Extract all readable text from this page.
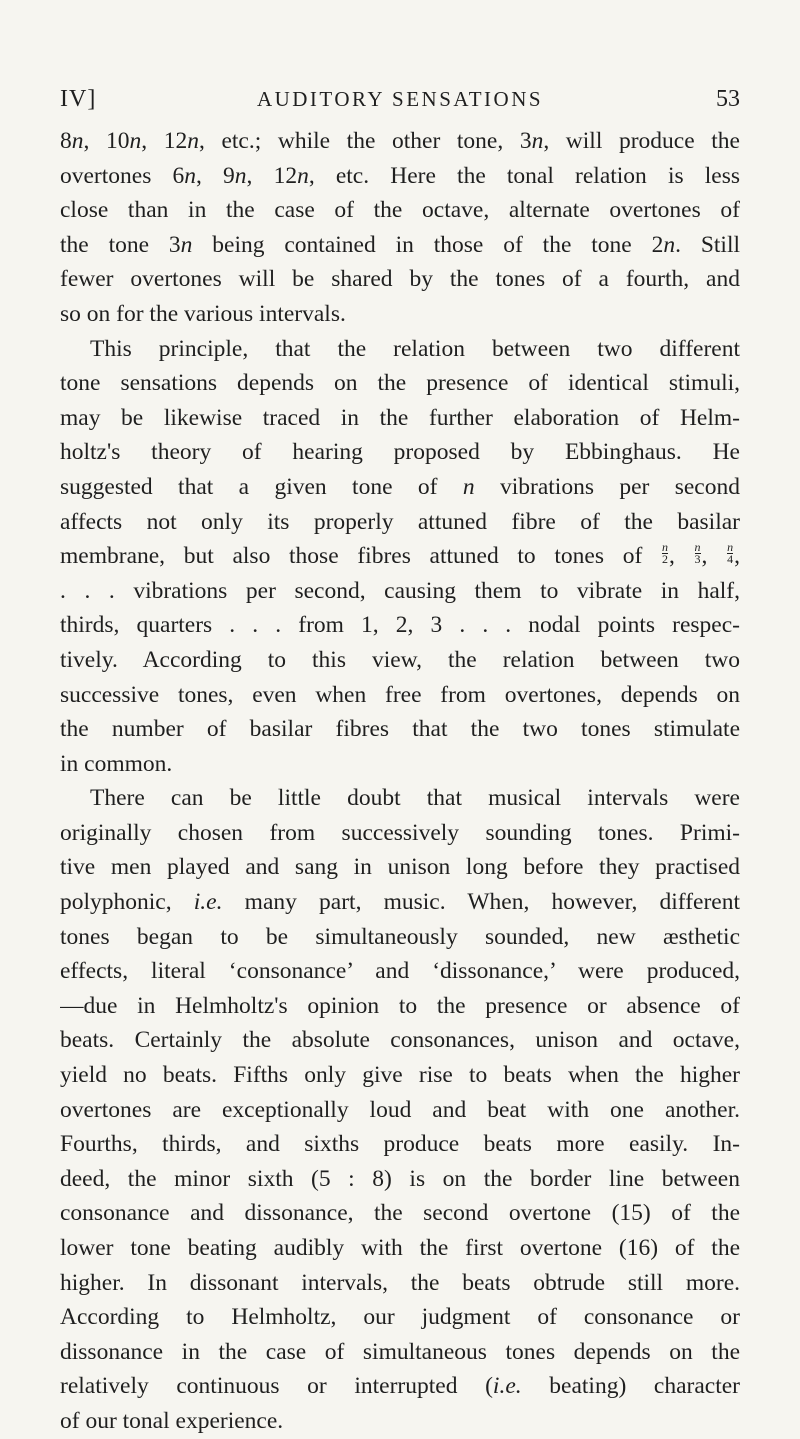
IV]	AUDITORY SENSATIONS	53
8n, 10n, 12n, etc.; while the other tone, 3n, will produce the
overtones 6n, 9n, 12n, etc. Here the tonal relation is less
close than in the case of the octave, alternate overtones of
the tone 3n being contained in those of the tone 2n. Still
fewer overtones will be shared by the tones of a fourth, and
so on for the various intervals.
This principle, that the relation between two different
tone sensations depends on the presence of identical stimuli,
may be likewise traced in the further elaboration of Helm-
holtz's theory of hearing proposed by Ebbinghaus. He
suggested that a given tone of n vibrations per second
affects not only its properly attuned fibre of the basilar
membrane, but also those fibres attuned to tones of $\frac{n}{2}$ , $\frac{n}{3}$ , $\frac{n}{4}$ ,
. . . vibrations per second, causing them to vibrate in half,
thirds, quarters . . . from 1, 2, 3 . . . nodal points respec-
tively. According to this view, the relation between two
successive tones, even when free from overtones, depends on
the number of basilar fibres that the two tones stimulate
in common.
There can be little doubt that musical intervals were
originally chosen from successively sounding tones. Primi-
tive men played and sang in unison long before they practised
polyphonic, i.e. many part, music. When, however, different
tones began to be simultaneously sounded, new æsthetic
effects, literal ‘consonance’ and ‘dissonance,’ were produced,
—due in Helmholtz's opinion to the presence or absence of
beats. Certainly the absolute consonances, unison and octave,
yield no beats. Fifths only give rise to beats when the higher
overtones are exceptionally loud and beat with one another.
Fourths, thirds, and sixths produce beats more easily. In-
deed, the minor sixth (5 : 8) is on the border line between
consonance and dissonance, the second overtone (15) of the
lower tone beating audibly with the first overtone (16) of the
higher. In dissonant intervals, the beats obtrude still more.
According to Helmholtz, our judgment of consonance or
dissonance in the case of simultaneous tones depends on the
relatively continuous or interrupted (i.e. beating) character
of our tonal experience.
